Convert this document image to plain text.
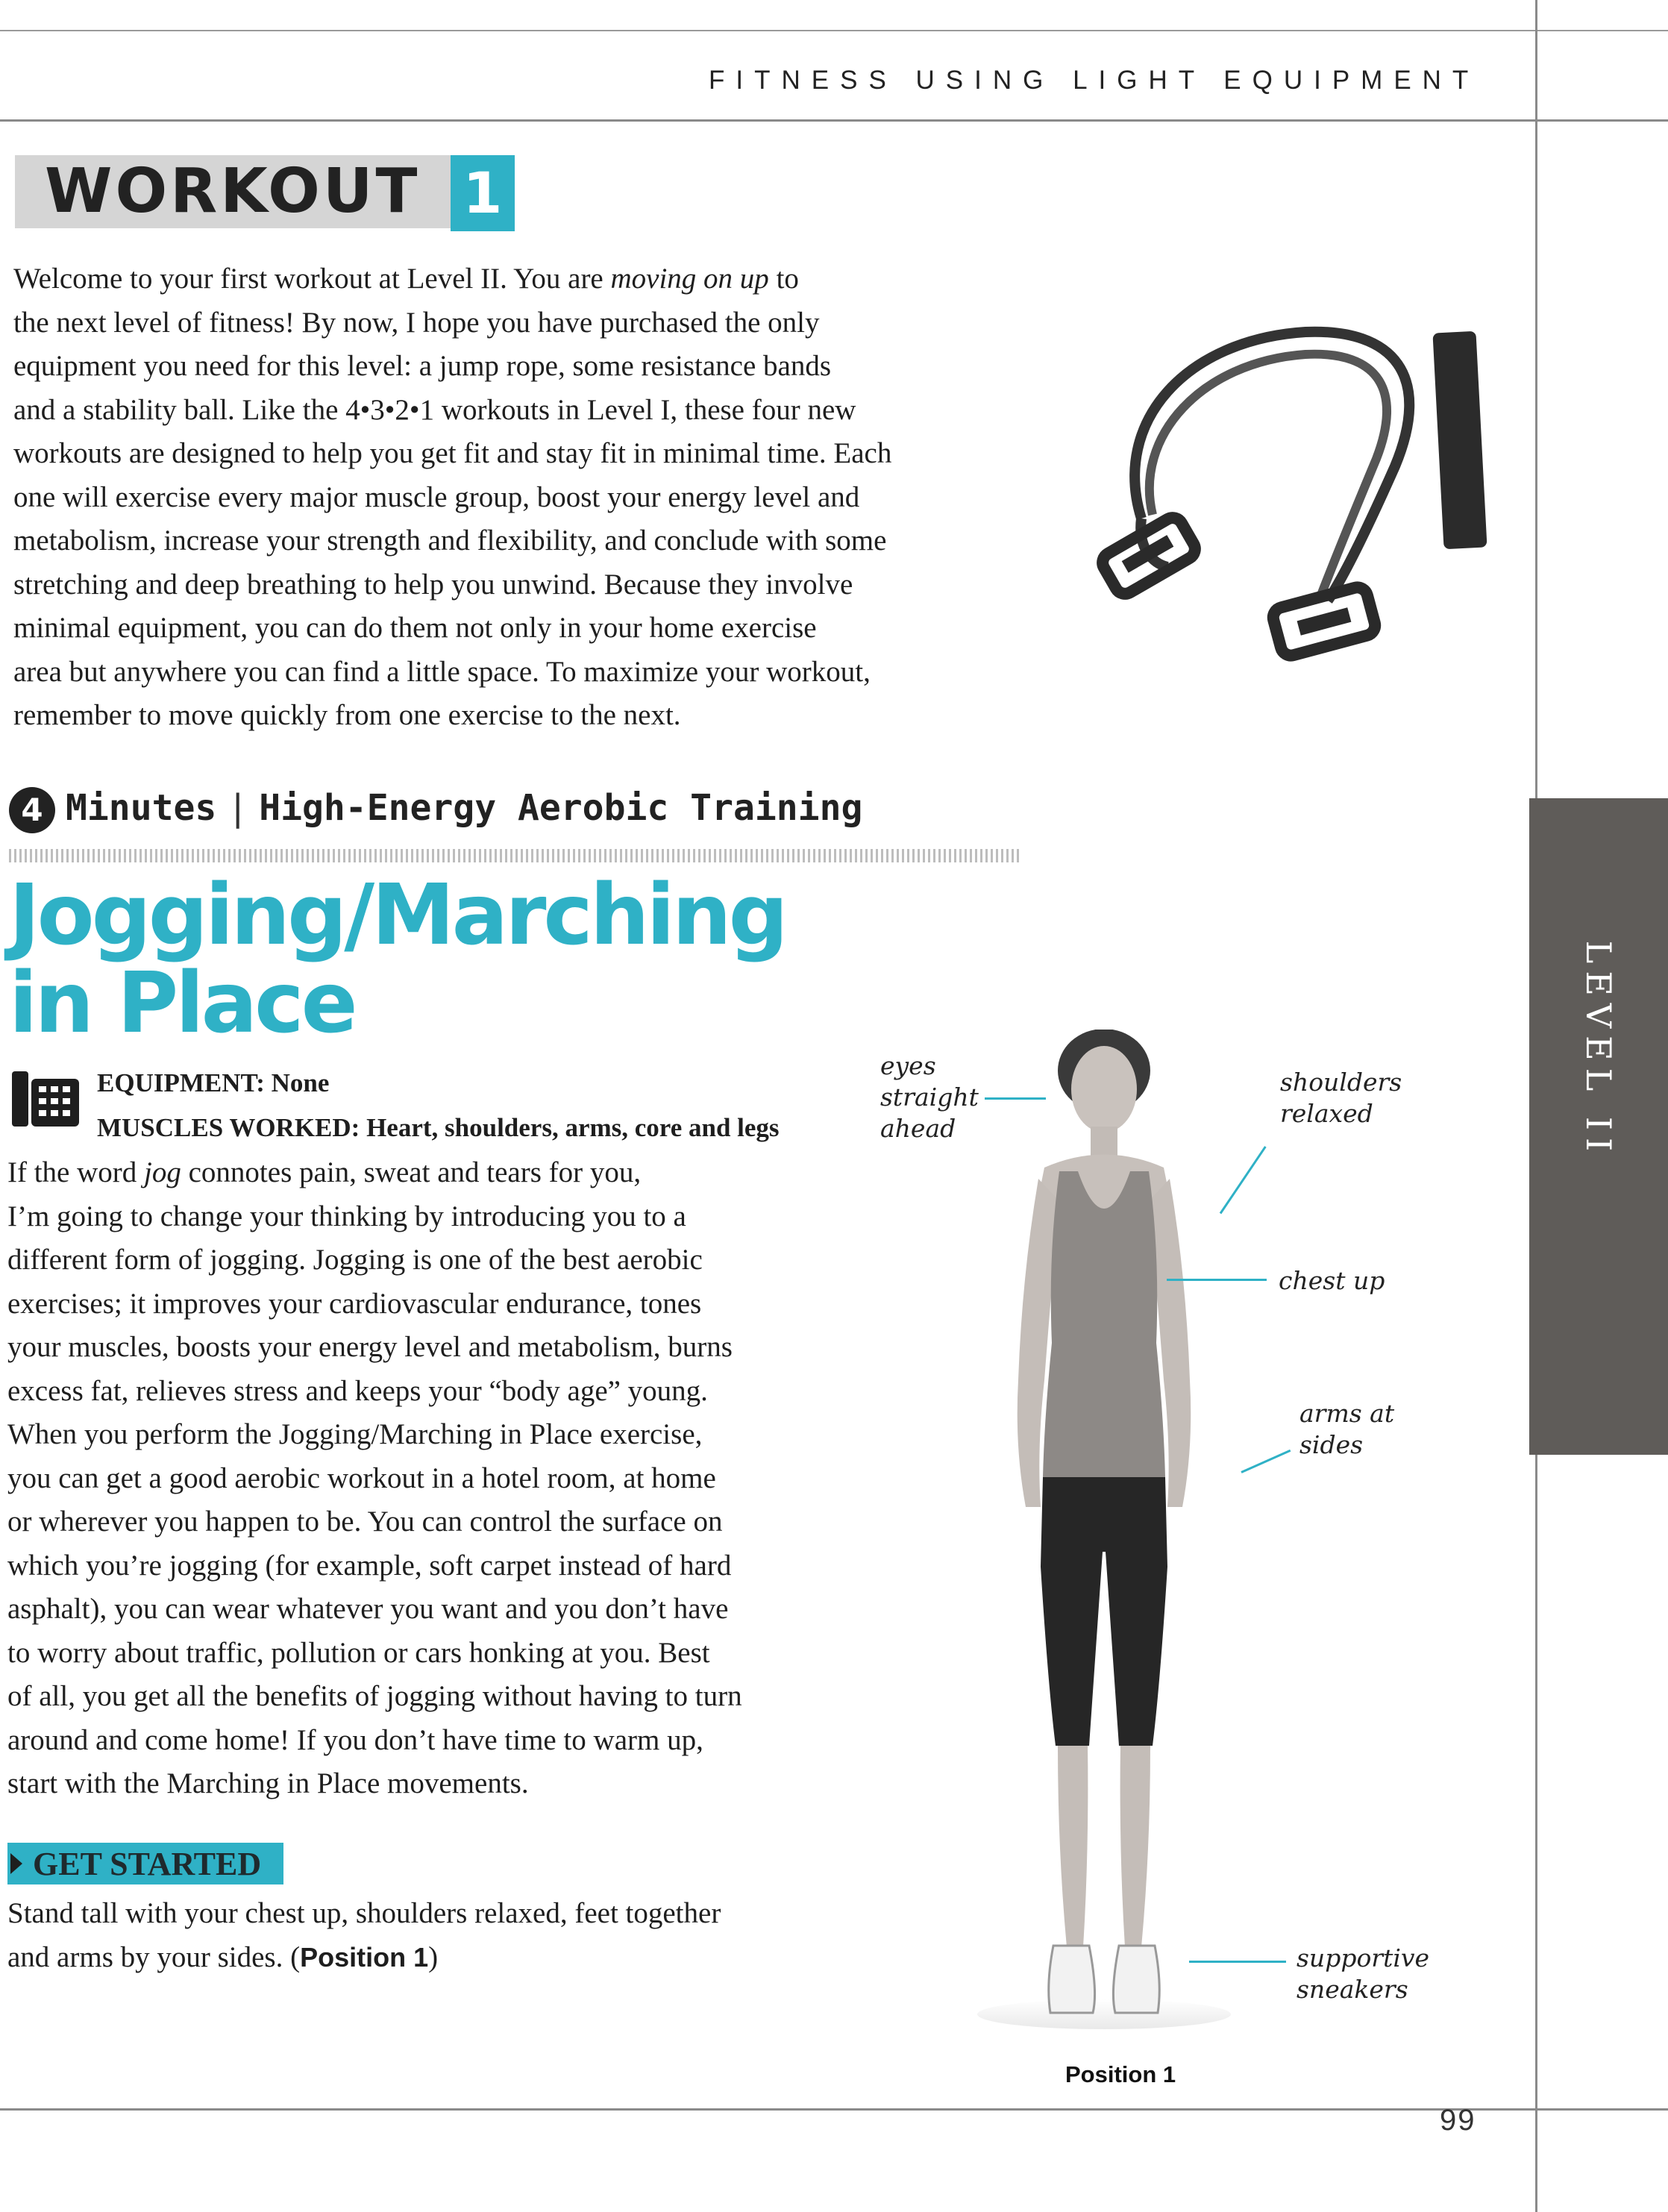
FITNESS USING LIGHT EQUIPMENT
WORKOUT 1
Welcome to your first workout at Level II. You are moving on up to
the next level of fitness! By now, I hope you have purchased the only
equipment you need for this level: a jump rope, some resistance bands
and a stability ball. Like the 4•3•2•1 workouts in Level I, these four new
workouts are designed to help you get fit and stay fit in minimal time. Each
one will exercise every major muscle group, boost your energy level and
metabolism, increase your strength and flexibility, and conclude with some
stretching and deep breathing to help you unwind. Because they involve
minimal equipment, you can do them not only in your home exercise
area but anywhere you can find a little space. To maximize your workout,
remember to move quickly from one exercise to the next.
4 Minutes | High-Energy Aerobic Training
Jogging/Marching
in Place
EQUIPMENT: None
MUSCLES WORKED: Heart, shoulders, arms, core and legs
If the word jog connotes pain, sweat and tears for you,
I’m going to change your thinking by introducing you to a
different form of jogging. Jogging is one of the best aerobic
exercises; it improves your cardiovascular endurance, tones
your muscles, boosts your energy level and metabolism, burns
excess fat, relieves stress and keeps your “body age” young.
When you perform the Jogging/Marching in Place exercise,
you can get a good aerobic workout in a hotel room, at home
or wherever you happen to be. You can control the surface on
which you’re jogging (for example, soft carpet instead of hard
asphalt), you can wear whatever you want and you don’t have
to worry about traffic, pollution or cars honking at you. Best
of all, you get all the benefits of jogging without having to turn
around and come home! If you don’t have time to warm up,
start with the Marching in Place movements.
GET STARTED
Stand tall with your chest up, shoulders relaxed, feet together
and arms by your sides. (Position 1)
eyes
straight
ahead
shoulders
relaxed
chest up
arms at
sides
supportive
sneakers
Position 1
LEVEL II
99
